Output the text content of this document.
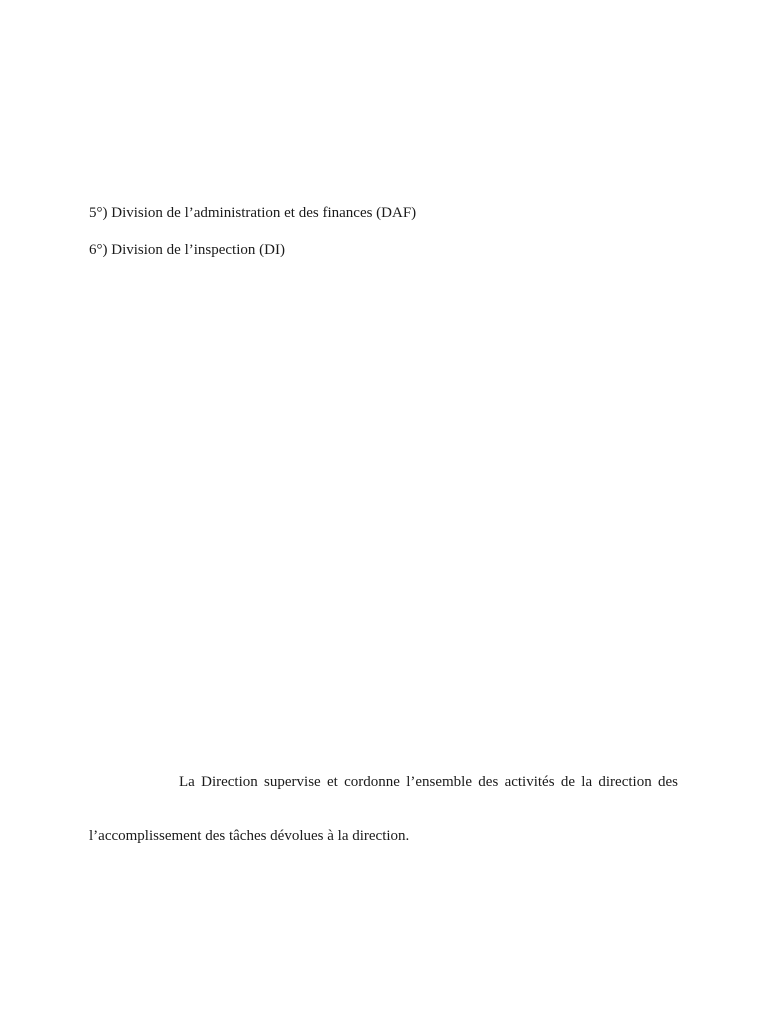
5°) Division de l’administration et des finances (DAF)
6°) Division de l’inspection (DI)
La Direction supervise et cordonne l’ensemble des activités de la direction des
l’accomplissement des tâches dévolues à la direction.
